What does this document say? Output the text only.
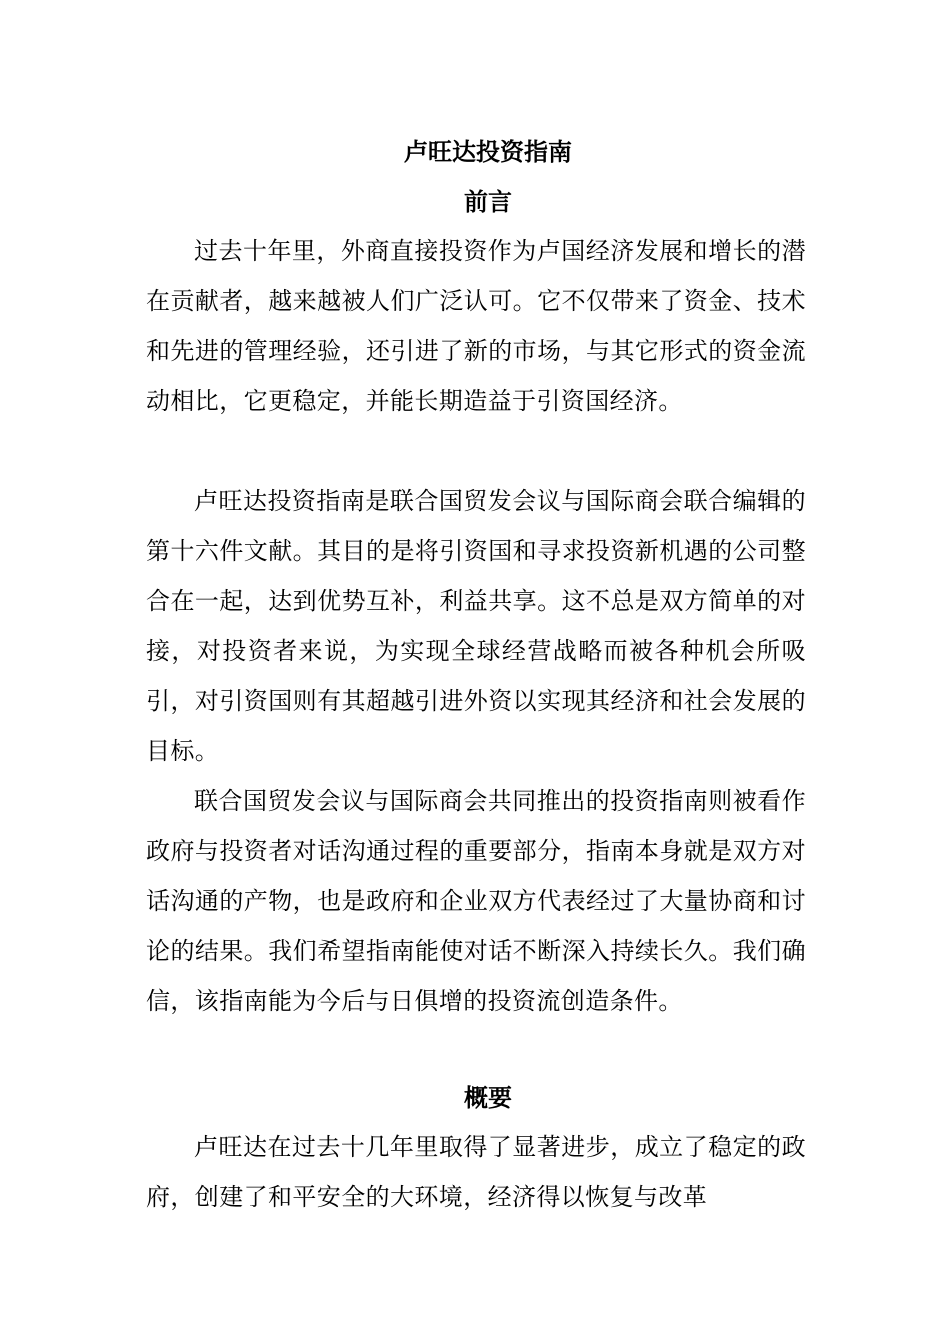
卢旺达投资指南
前言

过去十年里，外商直接投资作为卢国经济发展和增长的潜在贡献者，越来越被人们广泛认可。它不仅带来了资金、技术和先进的管理经验，还引进了新的市场，与其它形式的资金流动相比，它更稳定，并能长期造益于引资国经济。

卢旺达投资指南是联合国贸发会议与国际商会联合编辑的第十六件文献。其目的是将引资国和寻求投资新机遇的公司整合在一起，达到优势互补，利益共享。这不总是双方简单的对接，对投资者来说，为实现全球经营战略而被各种机会所吸引，对引资国则有其超越引进外资以实现其经济和社会发展的目标。

联合国贸发会议与国际商会共同推出的投资指南则被看作政府与投资者对话沟通过程的重要部分，指南本身就是双方对话沟通的产物，也是政府和企业双方代表经过了大量协商和讨论的结果。我们希望指南能使对话不断深入持续长久。我们确信，该指南能为今后与日俱增的投资流创造条件。

概要

卢旺达在过去十几年里取得了显著进步，成立了稳定的政府，创建了和平安全的大环境，经济得以恢复与改革
